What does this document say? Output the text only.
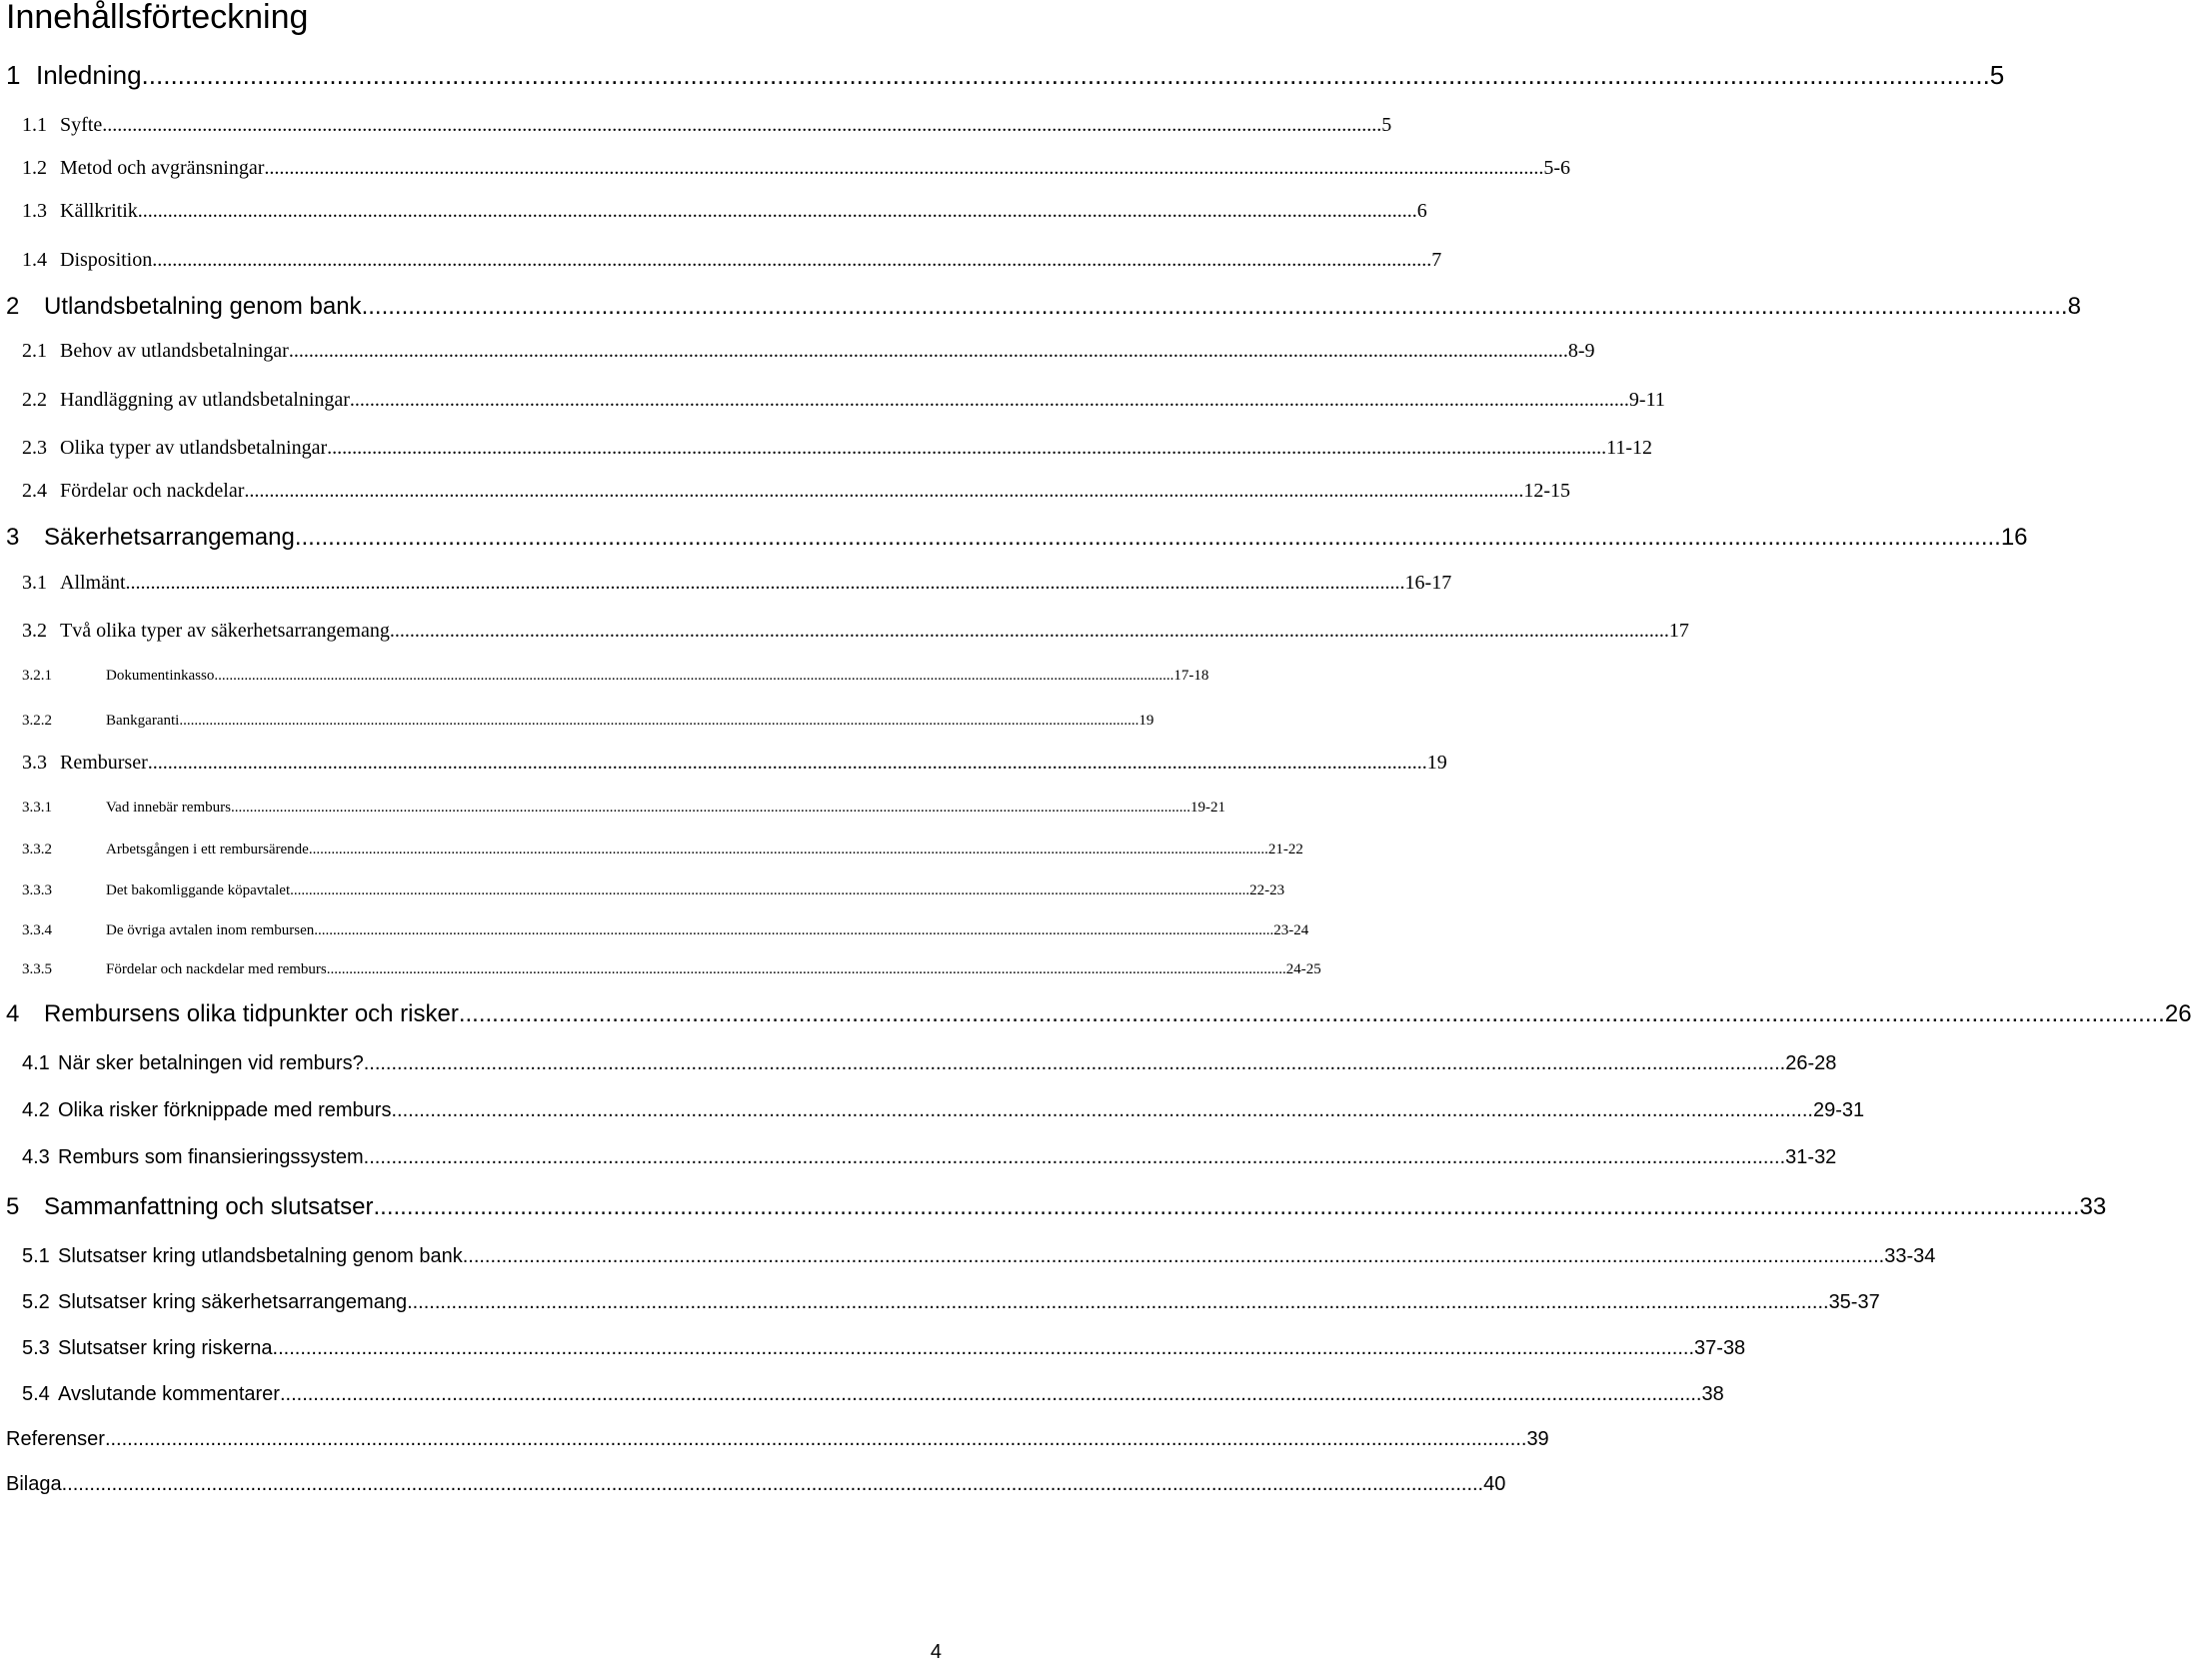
Innehållsförteckning
1 Inledning ................................................................................................................................................................................................................................................................ 5
1.1 Syfte ................................................................................................................................................................................................................................................................ 5
1.2 Metod och avgränsningar ................................................................................................................................................................................................................................................................ 5-6
1.3 Källkritik ................................................................................................................................................................................................................................................................ 6
1.4 Disposition ................................................................................................................................................................................................................................................................ 7
2	Utlandsbetalning genom bank ................................................................................................................................................................................................................................................................ 8
2.1 Behov av utlandsbetalningar ................................................................................................................................................................................................................................................................ 8-9
2.2 Handläggning av utlandsbetalningar ................................................................................................................................................................................................................................................................ 9-11
2.3 Olika typer av utlandsbetalningar ................................................................................................................................................................................................................................................................ 11-12
2.4 Fördelar och nackdelar ................................................................................................................................................................................................................................................................ 12-15
3	Säkerhetsarrangemang ................................................................................................................................................................................................................................................................ 16
3.1 Allmänt ................................................................................................................................................................................................................................................................ 16-17
3.2 Två olika typer av säkerhetsarrangemang ................................................................................................................................................................................................................................................................ 17
3.2.1	Dokumentinkasso ................................................................................................................................................................................................................................................................ 17-18
3.2.2	Bankgaranti ................................................................................................................................................................................................................................................................ 19
3.3 Remburser ................................................................................................................................................................................................................................................................ 19
3.3.1	Vad innebär remburs ................................................................................................................................................................................................................................................................ 19-21
3.3.2	Arbetsgången i ett rembursärende ................................................................................................................................................................................................................................................................ 21-22
3.3.3	Det bakomliggande köpavtalet ................................................................................................................................................................................................................................................................ 22-23
3.3.4	De övriga avtalen inom rembursen ................................................................................................................................................................................................................................................................ 23-24
3.3.5	Fördelar och nackdelar med remburs ................................................................................................................................................................................................................................................................ 24-25
4	Rembursens olika tidpunkter och risker ................................................................................................................................................................................................................................................................ 26
4.1 När sker betalningen vid remburs? ................................................................................................................................................................................................................................................................ 26-28
4.2 Olika risker förknippade med remburs ................................................................................................................................................................................................................................................................ 29-31
4.3 Remburs som finansieringssystem ................................................................................................................................................................................................................................................................ 31-32
5	Sammanfattning och slutsatser ................................................................................................................................................................................................................................................................ 33
5.1 Slutsatser kring utlandsbetalning genom bank ................................................................................................................................................................................................................................................................ 33-34
5.2 Slutsatser kring säkerhetsarrangemang ................................................................................................................................................................................................................................................................ 35-37
5.3 Slutsatser kring riskerna ................................................................................................................................................................................................................................................................ 37-38
5.4 Avslutande kommentarer ................................................................................................................................................................................................................................................................ 38
Referenser ................................................................................................................................................................................................................................................................ 39
Bilaga ................................................................................................................................................................................................................................................................ 40
4
